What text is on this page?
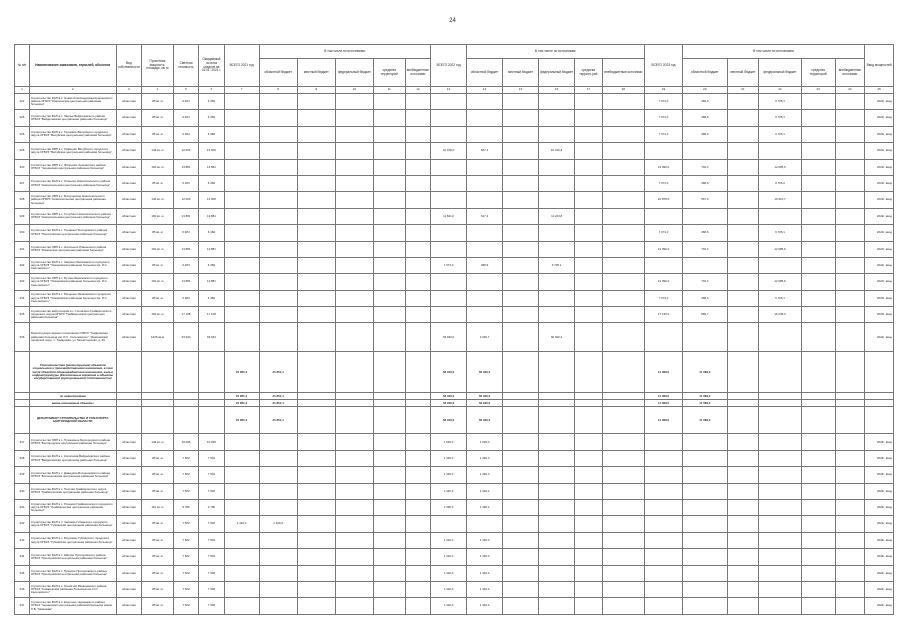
24
№ п/п	Наименование заказчиков, отраслей, объектов	Вид собственности	Проектная мощность, площадь, кв. м	Сметная стоимость	Ожидаемый остаток средств на 01.01. 2021 г.	ВСЕГО 2021 год	В том числе по источникам:					ВСЕГО 2022 год	В том числе по источникам:					ВСЕГО 2023 год	В том числе по источникам:					Ввод мощностей
							областной бюджет	местный бюджет	федеральный бюджет	средства территорий	внебюджетные источники		областной бюджет	местный бюджет	федеральный бюджет	средства террито-рий	внебюджетные источники		областной бюджет	местный бюджет	федеральный бюджет	средства территорий	внебюджетные источники	
1	2	3	4	5	6	7	8	9	10	11	12	13	14	15	16	17	18	19	20	21	22	23	24	25
322	Строительство ФАП в с. Новая Александровка Красненского района ОГБУЗ "Красненская центральная районная больница"	областная	85 кв. м	6 484	6 484													7 074,0	369,9		6 705,1			2023г. ввод
325	Строительство ФАП в с. Заячье Вейделевского района ОГБУЗ "Вейделевская центральная районная больница"	областная	85 кв. м	6 484	6 484													7 074,0	368,9		6 705,1			2023г. ввод
326	Строительство ФАП в с. Терновое Валуйского городского округа ОГБУЗ "Валуйская центральная районная больница"	областная	85 кв. м	6 484	6 484													7 074,0	368,9		6 705,1			2023г. ввод
328	Строительство ОВП в с. Кравцово Валуйского городского округа ОГБУЗ "Валуйская центральная районная больница"	областная	146 кв. м	12 006	12 006							10 878,0	567,2		10 310,8									2022г. ввод
330	Строительство ОВП в с. Яблоново Чернянского района ОГБУЗ "Чернянская центральная районная больница"	областная	160 кв. м	13 881	13 881													13 390,0	704,4		12 685,6			2023г. ввод
327	Строительство ФАП в с. Оленино Новооскольского района ОГБУЗ "Новооскольская центральная районная больница"	областная	85 кв. м	6 484	6 484													7 074,0	368,8		6 705,2			2023г. ввод
328	Строительство ОВП в с. Богородское Новооскольского района ОГБУЗ "Новооскольская центральная районная больница"	областная	146 кв. м	12 006	12 006													10 878,0	567,3		10 310,7			2023г. ввод
329	Строительство ОВП в с. Голубино Новооскольского района ОГБУЗ "Новооскольская центральная районная больница"	областная	160 кв. м	13 881	13 881							11 841,0	617,2		11 223,8									2022г. ввод
330	Строительство ФАП в с. Тишанка Прохоровского района ОГБУЗ "Прохоровская центральная районная больница"	областная	85 кв. м	6 484	6 484													7 074,0	368,9		6 705,1			2023г. ввод
331	Строительство ОВП в с. Нагольное Ровеньского района ОГБУЗ "Ровеньская центральная районная больница"	областная	160 кв. м	13 881	13 881													13 390,0	704,4		12 685,6			2023г. ввод
332	Строительство ФАП в с. Аверино Яковлевского городского округа ОГБУЗ "Томаровская районная больница им. И.С. Сальтевского"	областная	85 кв. м	6 484	6 484							7 074,0	368,9		6 705,1									2022г. ввод
333	Строительство ОВП в с. Бутово Яковлевского городского округа ОГБУЗ "Томаровская районная больница им. И.С. Сальтевского"	областная	160 кв. м	13 881	13 881													13 390,0	704,4		12 685,6			2023г. ввод
334	Строительство ФАП в с. Мощеное Яковлевского городского округа ОГБУЗ "Томаровская районная больница им. И.С. Сальтевского"	областная	85 кв. м	6 484	6 484													7 074,0	368,9		6 705,1			2023г. ввод
335	Строительство амбулатории в с. Головчино Грайворонского городского округа ОГБУЗ "Грайворонская центральная районная больница"	областная	190 кв. м	17 108	17 108													17 139,0	889,7		16 249,3			2023г. ввод
336	Реконструкция здания поликлиники ОГБУЗ "Томаровская районная больница им. И.С. Сальтевского". Яковлевский городской округ, п. Томаровка, ул. Монастырская, д. 39	областная	1625 кв.м	63 934	63 934							63 933,0	3 330,7		60 602,3									2022г. ввод
	Строительство (реконструкция) объектов социального и производственного назначения, в том числе объектов общегражданского назначения, жилья, инфраструктуры (Капитальные вложения в объекты государственной (муниципальной) собственности)					21 851,4	21 851,4					53 940,0	53 940,0					11 069,0	11 069,0					
	по новостройкам					21 851,4	21 851,4					53 940,0	53 940,0					11 069,0	11 069,0					
	вновь начинаемые объекты					21 851,4	21 851,4					53 940,0	53 940,0					11 069,0	11 069,0					
	ДЕПАРТАМЕНТ СТРОИТЕЛЬСТВА И ТРАНСПОРТА БЕЛГОРОДСКОЙ ОБЛАСТИ					21 851,4	21 851,4					53 940,0	53 940,0					11 069,0	11 069,0					
337	Строительство ОВП в с. Пушкарное Белгородского района ОГБУЗ "Белгородская центральная районная больница"	областная	146 кв. м	10 695	10 695							1 620,0	1 620,0											2024г. ввод
338	Строительство ФАП в с. Колоснова Вейделевского района ОГБУЗ "Вейделевская центральная районная больница"	областная	85 кв. м	7 502	7 502							1 420,0	1 420,0											2024г. ввод
339	Строительство ФАП в с. Давыдкин Волоконовского района ОГБУЗ "Волоконовская центральная районная больница"	областная	85 кв. м	7 502	7 502							1 420,0	1 420,0											2024г. ввод
340	Строительство ФАП в с. Пестово Грайворонского округа ОГБУЗ "Грайворонская центральная районная больница"	областная	85 кв. м	7 502	7 502							1 420,0	1 420,0											2024г. ввод
341	Строительство ФАП в с. Почаево Грайворонского городского округа ОГБУЗ "Грайворонская центральная районная больница"	областная	110 кв. м	9 786	9 786							1 490,0	1 490,0											2024г. ввод
342	Строительство ФАП в с. Чапаево Губкинского городского округа ОГБУЗ "Губкинская центральная районная больница"	областная	85 кв. м	7 502	7 502	1 420,0	1 420,0																	2021г. ввод
343	Строительство ФАП в с. Морозово Губкинского городского округа ОГБУЗ "Губкинская центральная районная больница"	областная	85 кв. м	7 502	7 502							1 420,0	1 420,0											2024г. ввод
344	Строительство ФАП в с. Шатово Прохоровского района ОГБУЗ "Прохоровская центральная районная больница"	областная	85 кв. м	7 502	7 502							1 420,0	1 420,0											2024г. ввод
345	Строительство ФАП в с. Призлое Прохоровского района ОГБУЗ "Прохоровская центральная районная больница"	областная	85 кв. м	7 502	7 502							1 420,0	1 420,0											2024г. ввод
346	Строительство ФАП в с. Гремячее Яковлевского района ОГБУЗ "Томаровская районная больница им. И.С. Сальтевского"	областная	85 кв. м	7 502	7 502							1 420,0	1 420,0											2024г. ввод
347	Строительство ФАП в с. Ездочное Чернянского района ОГБУЗ "Чернянская центральная районная больница имени П.В. Тимашова"	областная	85 кв. м	7 502	7 502							1 420,0	1 420,0											2024г. ввод
